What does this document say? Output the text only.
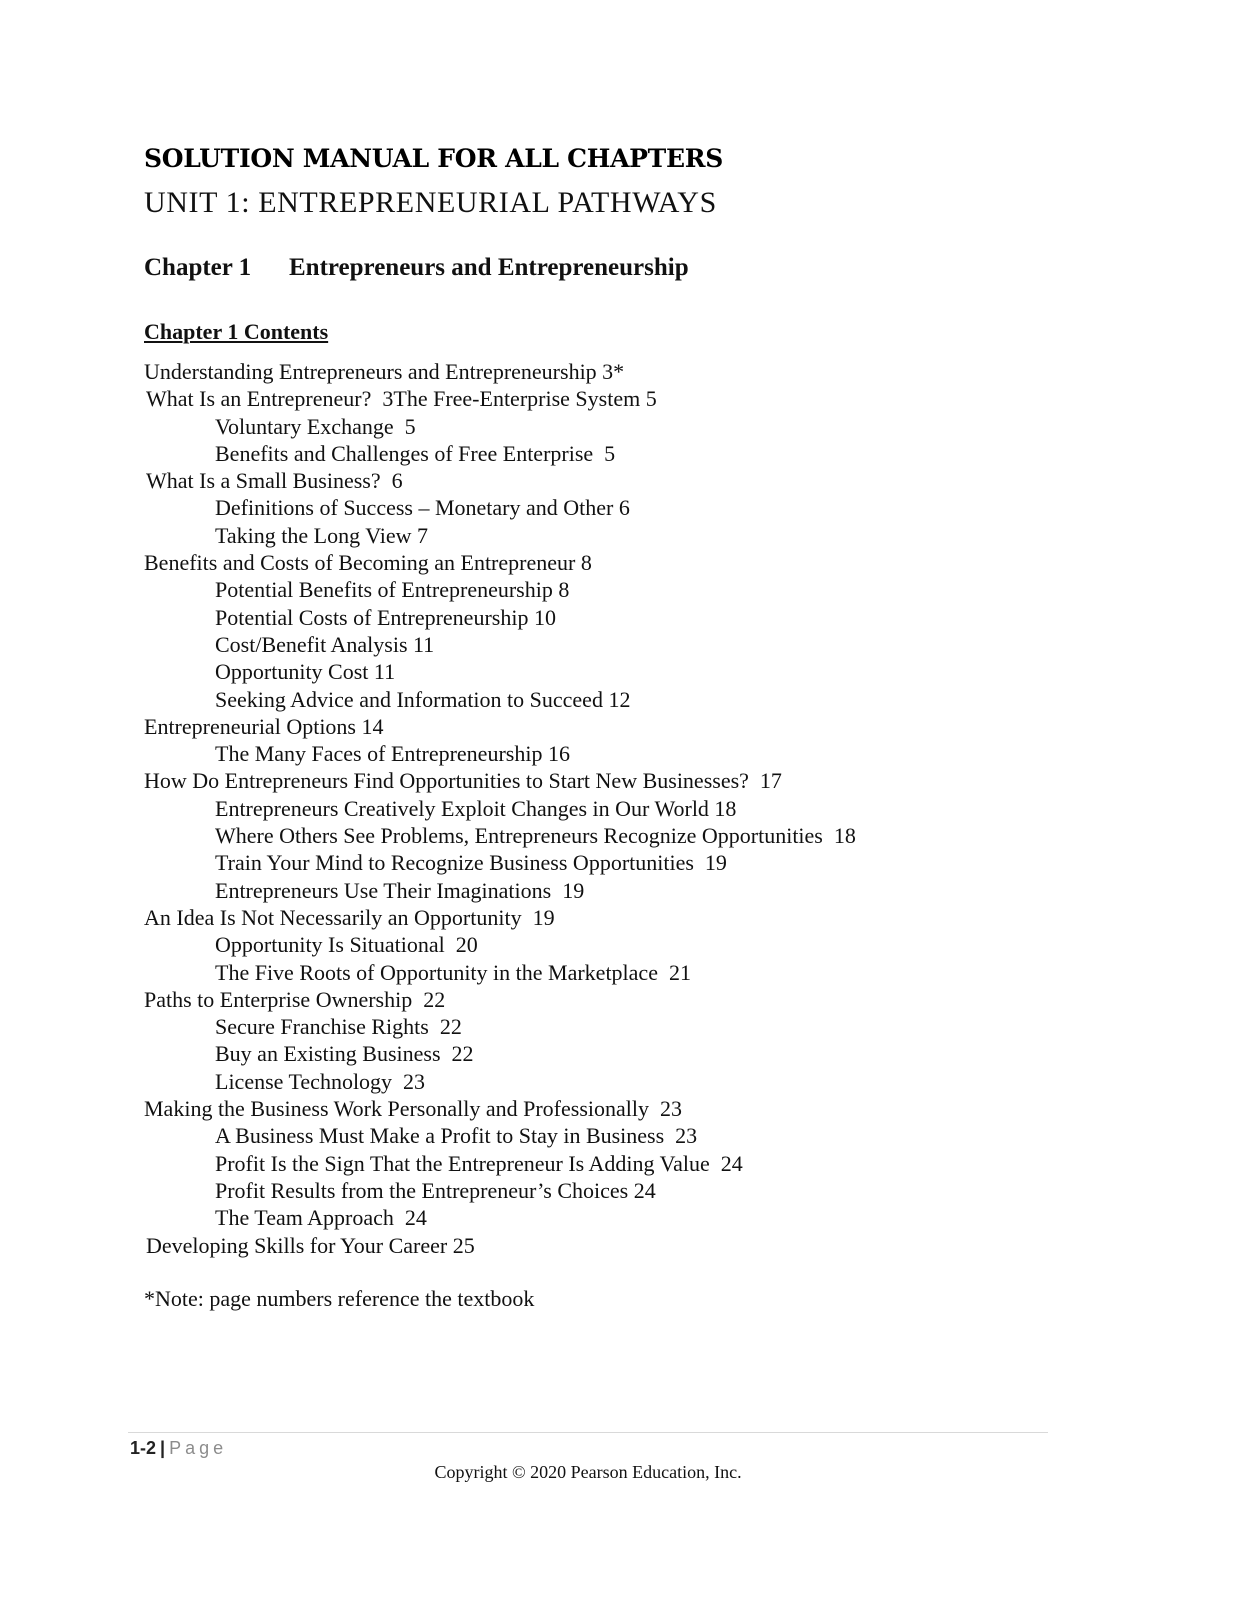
SOLUTION MANUAL FOR ALL CHAPTERS
UNIT 1: ENTREPRENEURIAL PATHWAYS
Chapter 1 Entrepreneurs and Entrepreneurship
Chapter 1 Contents
Understanding Entrepreneurs and Entrepreneurship 3*
What Is an Entrepreneur?  3The Free-Enterprise System 5
Voluntary Exchange  5
Benefits and Challenges of Free Enterprise  5
What Is a Small Business?  6
Definitions of Success – Monetary and Other 6
Taking the Long View 7
Benefits and Costs of Becoming an Entrepreneur 8
Potential Benefits of Entrepreneurship 8
Potential Costs of Entrepreneurship 10
Cost/Benefit Analysis 11
Opportunity Cost 11
Seeking Advice and Information to Succeed 12
Entrepreneurial Options 14
The Many Faces of Entrepreneurship 16
How Do Entrepreneurs Find Opportunities to Start New Businesses?  17
Entrepreneurs Creatively Exploit Changes in Our World 18
Where Others See Problems, Entrepreneurs Recognize Opportunities  18
Train Your Mind to Recognize Business Opportunities  19
Entrepreneurs Use Their Imaginations  19
An Idea Is Not Necessarily an Opportunity  19
Opportunity Is Situational  20
The Five Roots of Opportunity in the Marketplace  21
Paths to Enterprise Ownership  22
Secure Franchise Rights  22
Buy an Existing Business  22
License Technology  23
Making the Business Work Personally and Professionally  23
A Business Must Make a Profit to Stay in Business  23
Profit Is the Sign That the Entrepreneur Is Adding Value  24
Profit Results from the Entrepreneur’s Choices 24
The Team Approach  24
Developing Skills for Your Career 25
*Note: page numbers reference the textbook
1-2 | Page
Copyright © 2020 Pearson Education, Inc.
